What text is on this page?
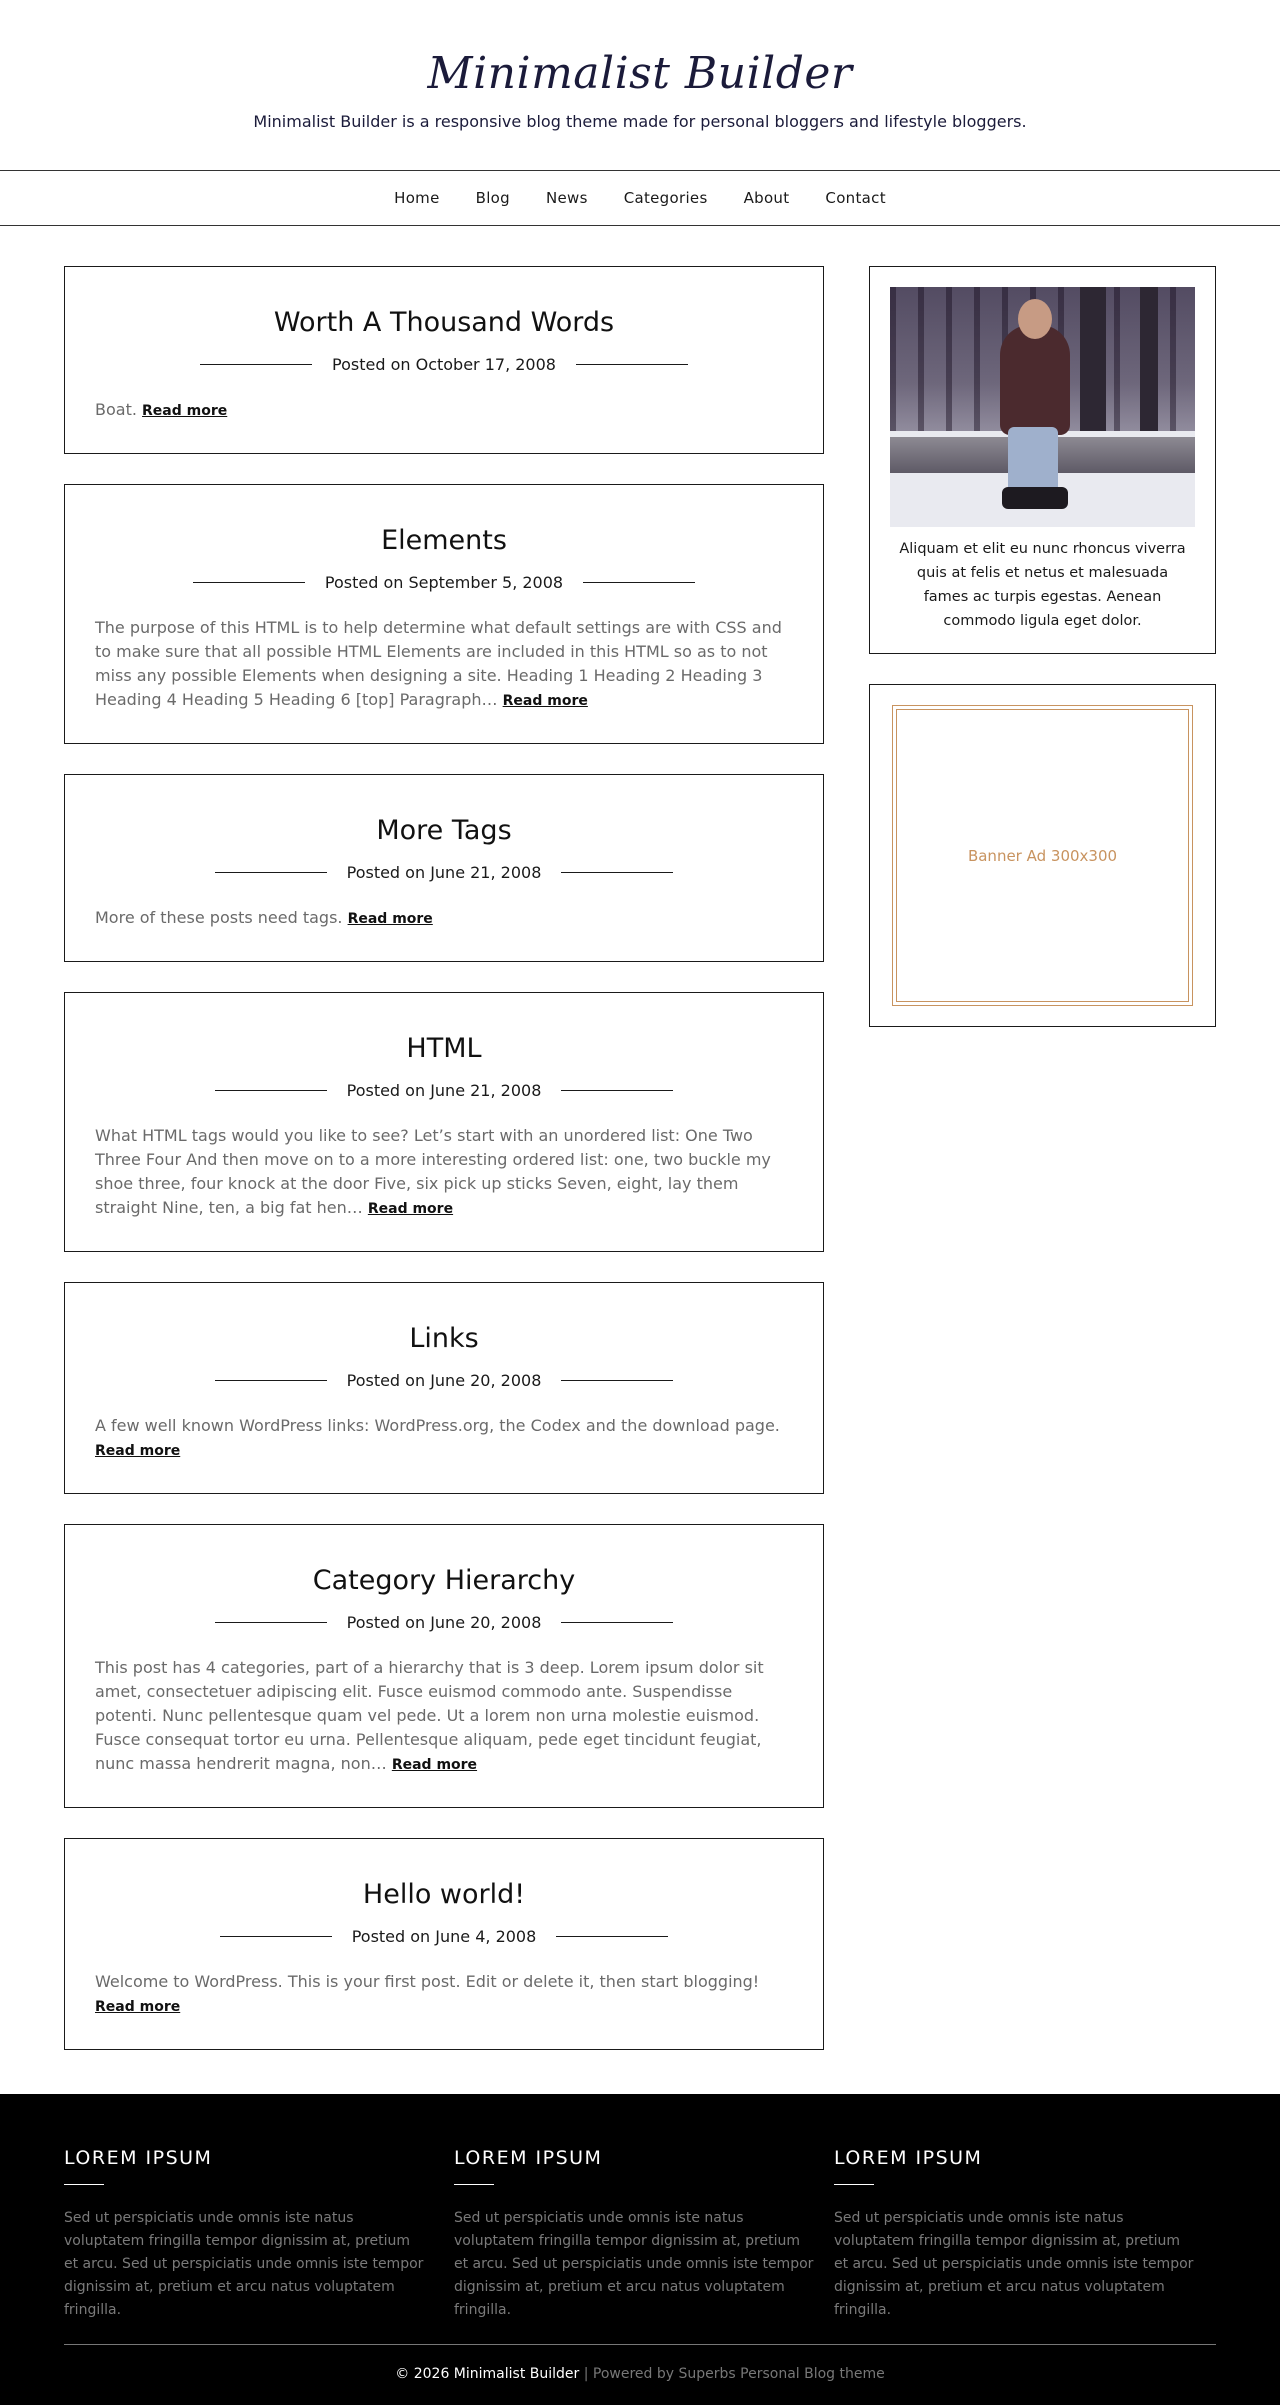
Minimalist Builder
Minimalist Builder is a responsive blog theme made for personal bloggers and lifestyle bloggers.
Home	Blog	News	Categories	About	Contact
Worth A Thousand Words
Posted on October 17, 2008

Boat. Read more

Elements
Posted on September 5, 2008

The purpose of this HTML is to help determine what default settings are with CSS and to make sure that all possible HTML Elements are included in this HTML so as to not miss any possible Elements when designing a site. Heading 1 Heading 2 Heading 3 Heading 4 Heading 5 Heading 6 [top] Paragraph… Read more

More Tags
Posted on June 21, 2008

More of these posts need tags. Read more

HTML
Posted on June 21, 2008

What HTML tags would you like to see? Let’s start with an unordered list: One Two Three Four And then move on to a more interesting ordered list: one, two buckle my shoe three, four knock at the door Five, six pick up sticks Seven, eight, lay them straight Nine, ten, a big fat hen… Read more

Links
Posted on June 20, 2008

A few well known WordPress links: WordPress.org, the Codex and the download page. Read more

Category Hierarchy
Posted on June 20, 2008

This post has 4 categories, part of a hierarchy that is 3 deep. Lorem ipsum dolor sit amet, consectetuer adipiscing elit. Fusce euismod commodo ante. Suspendisse potenti. Nunc pellentesque quam vel pede. Ut a lorem non urna molestie euismod. Fusce consequat tortor eu urna. Pellentesque aliquam, pede eget tincidunt feugiat, nunc massa hendrerit magna, non… Read more

Hello world!
Posted on June 4, 2008

Welcome to WordPress. This is your first post. Edit or delete it, then start blogging! Read more

Aliquam et elit eu nunc rhoncus viverra quis at felis et netus et malesuada fames ac turpis egestas. Aenean commodo ligula eget dolor.

Banner Ad 300x300
LOREM IPSUM

Sed ut perspiciatis unde omnis iste natus voluptatem fringilla tempor dignissim at, pretium et arcu. Sed ut perspiciatis unde omnis iste tempor dignissim at, pretium et arcu natus voluptatem fringilla.

LOREM IPSUM

Sed ut perspiciatis unde omnis iste natus voluptatem fringilla tempor dignissim at, pretium et arcu. Sed ut perspiciatis unde omnis iste tempor dignissim at, pretium et arcu natus voluptatem fringilla.

LOREM IPSUM

Sed ut perspiciatis unde omnis iste natus voluptatem fringilla tempor dignissim at, pretium et arcu. Sed ut perspiciatis unde omnis iste tempor dignissim at, pretium et arcu natus voluptatem fringilla.

© 2026 Minimalist Builder | Powered by Superbs Personal Blog theme
